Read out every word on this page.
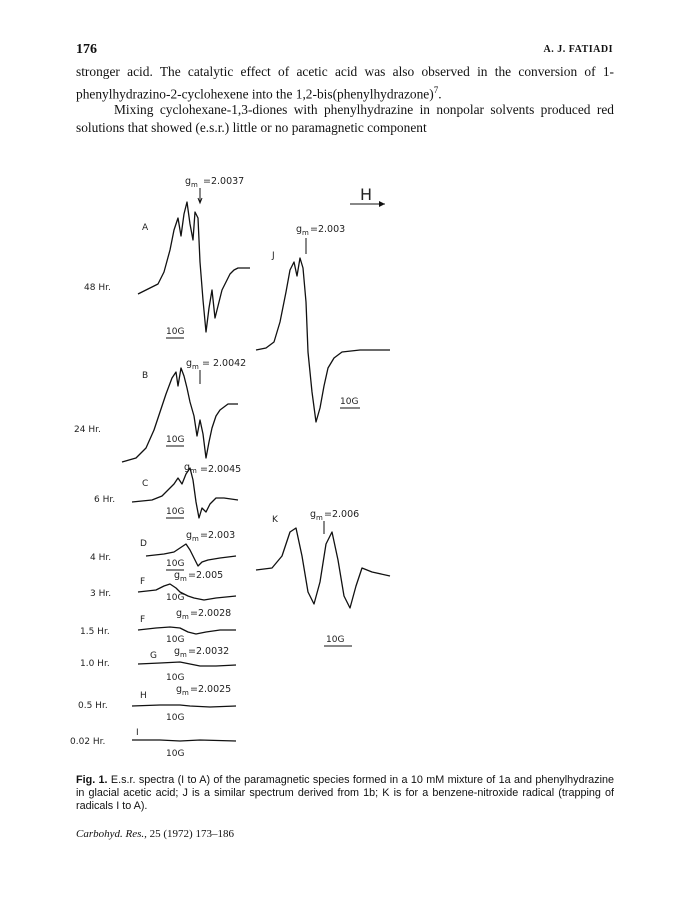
176	A. J. FATIADI
stronger acid. The catalytic effect of acetic acid was also observed in the conversion of 1-phenylhydrazino-2-cyclohexene into the 1,2-bis(phenylhydrazone)$^7$.
Mixing cyclohexane-1,3-diones with phenylhydrazine in nonpolar solvents produced red solutions that showed (e.s.r.) little or no paramagnetic component
H
A
48 Hr.
$g_m =2.0037$
10G
$g_m = 2.0042$
B
24 Hr.
10G
$g_m =2.0045$
C
6 Hr.
10G
$g_m =2.003$
D
4 Hr.
10G
$g_m =2.005$
F
3 Hr.	10G
$g_m =2.0028$
F
1.5 Hr.
10G
$g_m =2.0032$
G
1.0 Hr.
10G
$g_m =2.0025$
H
0.5 Hr.
10G
I
0.02 Hr.
10G
$g_m =2.003$
J
10G
$g_m =2.006$
K
10G
Fig. 1. E.s.r. spectra (I to A) of the paramagnetic species formed in a 10 mM mixture of 1a and phenylhydrazine in glacial acetic acid; J is a similar spectrum derived from 1b; K is for a benzene-nitroxide radical (trapping of radicals I to A).
Carbohyd. Res., 25 (1972) 173–186
